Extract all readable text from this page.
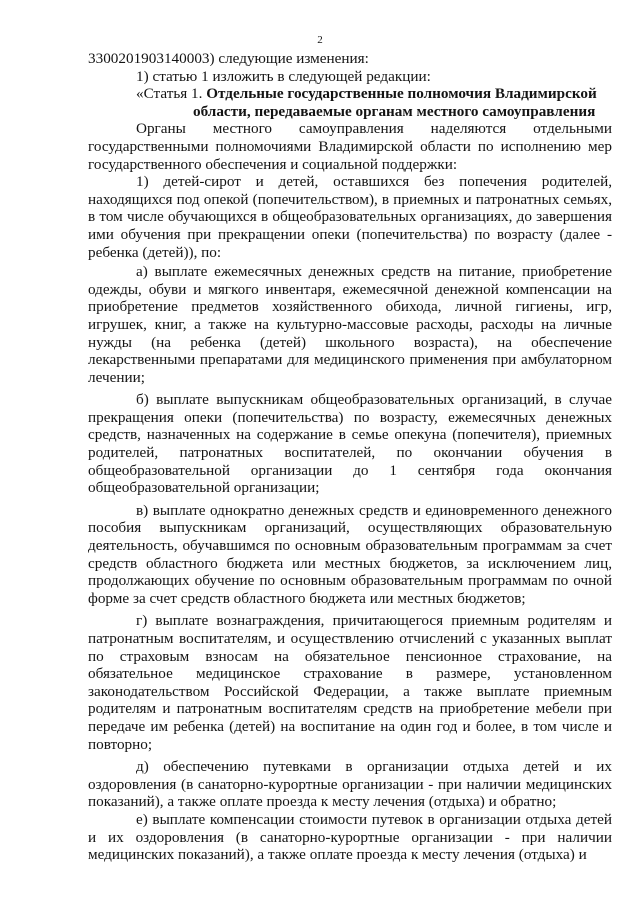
2

3300201903140003) следующие изменения:

1) статью 1 изложить в следующей редакции:

«Статья 1. Отдельные государственные полномочия Владимирской

области, передаваемые органам местного самоуправления

Органы местного самоуправления наделяются отдельными государственными полномочиями Владимирской области по исполнению мер государственного обеспечения и социальной поддержки:

1) детей-сирот и детей, оставшихся без попечения родителей, находящихся под опекой (попечительством), в приемных и патронатных семьях, в том числе обучающихся в общеобразовательных организациях, до завершения ими обучения при прекращении опеки (попечительства) по возрасту (далее - ребенка (детей)), по:

а) выплате ежемесячных денежных средств на питание, приобретение одежды, обуви и мягкого инвентаря, ежемесячной денежной компенсации на приобретение предметов хозяйственного обихода, личной гигиены, игр, игрушек, книг, а также на культурно-массовые расходы, расходы на личные нужды (на ребенка (детей) школьного возраста), на обеспечение лекарственными препаратами для медицинского применения при амбулаторном лечении;

б) выплате выпускникам общеобразовательных организаций, в случае прекращения опеки (попечительства) по возрасту, ежемесячных денежных средств, назначенных на содержание в семье опекуна (попечителя), приемных родителей, патронатных воспитателей, по окончании обучения в общеобразовательной организации до 1 сентября года окончания общеобразовательной организации;

в) выплате однократно денежных средств и единовременного денежного пособия выпускникам организаций, осуществляющих образовательную деятельность, обучавшимся по основным образовательным программам за счет средств областного бюджета или местных бюджетов, за исключением лиц, продолжающих обучение по основным образовательным программам по очной форме за счет средств областного бюджета или местных бюджетов;

г) выплате вознаграждения, причитающегося приемным родителям и патронатным воспитателям, и осуществлению отчислений с указанных выплат по страховым взносам на обязательное пенсионное страхование, на обязательное медицинское страхование в размере, установленном законодательством Российской Федерации, а также выплате приемным родителям и патронатным воспитателям средств на приобретение мебели при передаче им ребенка (детей) на воспитание на один год и более, в том числе и повторно;

д) обеспечению путевками в организации отдыха детей и их оздоровления (в санаторно-курортные организации - при наличии медицинских показаний), а также оплате проезда к месту лечения (отдыха) и обратно;

е) выплате компенсации стоимости путевок в организации отдыха детей и их оздоровления (в санаторно-курортные организации - при наличии медицинских показаний), а также оплате проезда к месту лечения (отдыха) и
